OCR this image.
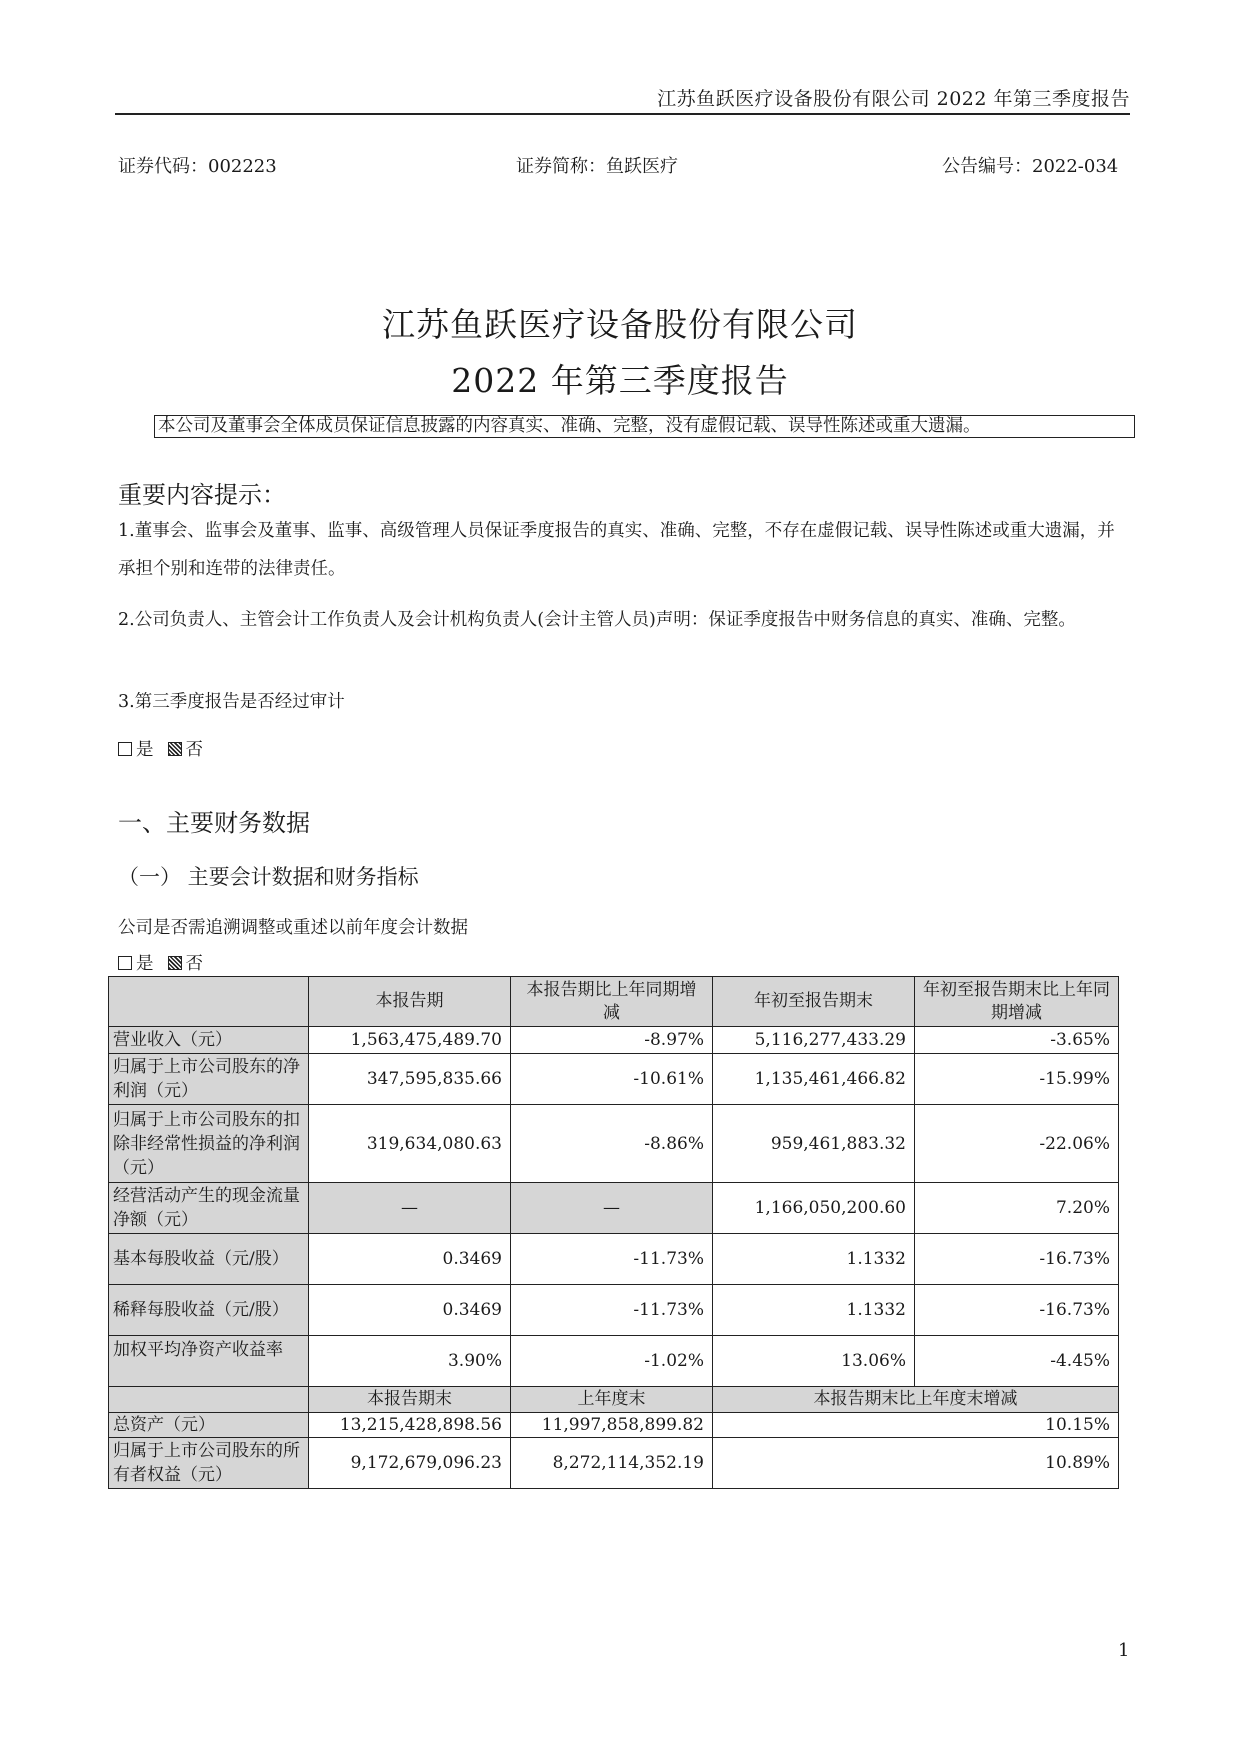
江苏鱼跃医疗设备股份有限公司 2022 年第三季度报告
证券代码：002223	证券简称：鱼跃医疗	公告编号：2022-034
江苏鱼跃医疗设备股份有限公司
2022 年第三季度报告
本公司及董事会全体成员保证信息披露的内容真实、准确、完整，没有虚假记载、误导性陈述或重大遗漏。
重要内容提示：
1.董事会、监事会及董事、监事、高级管理人员保证季度报告的真实、准确、完整，不存在虚假记载、误导性陈述或重大遗漏，并承担个别和连带的法律责任。
2.公司负责人、主管会计工作负责人及会计机构负责人(会计主管人员)声明：保证季度报告中财务信息的真实、准确、完整。
3.第三季度报告是否经过审计
是 否
一、主要财务数据
（一） 主要会计数据和财务指标
公司是否需追溯调整或重述以前年度会计数据
是 否
	本报告期	本报告期比上年同期增减	年初至报告期末	年初至报告期末比上年同期增减
营业收入（元）	1,563,475,489.70	-8.97%	5,116,277,433.29	-3.65%
归属于上市公司股东的净利润（元）	347,595,835.66	-10.61%	1,135,461,466.82	-15.99%
归属于上市公司股东的扣除非经常性损益的净利润（元）	319,634,080.63	-8.86%	959,461,883.32	-22.06%
经营活动产生的现金流量净额（元）	—	—	1,166,050,200.60	7.20%
基本每股收益（元/股）	0.3469	-11.73%	1.1332	-16.73%
稀释每股收益（元/股）	0.3469	-11.73%	1.1332	-16.73%
加权平均净资产收益率	3.90%	-1.02%	13.06%	-4.45%
	本报告期末	上年度末	本报告期末比上年度末增减	
总资产（元）	13,215,428,898.56	11,997,858,899.82	10.15%	
归属于上市公司股东的所有者权益（元）	9,172,679,096.23	8,272,114,352.19	10.89%	
1
